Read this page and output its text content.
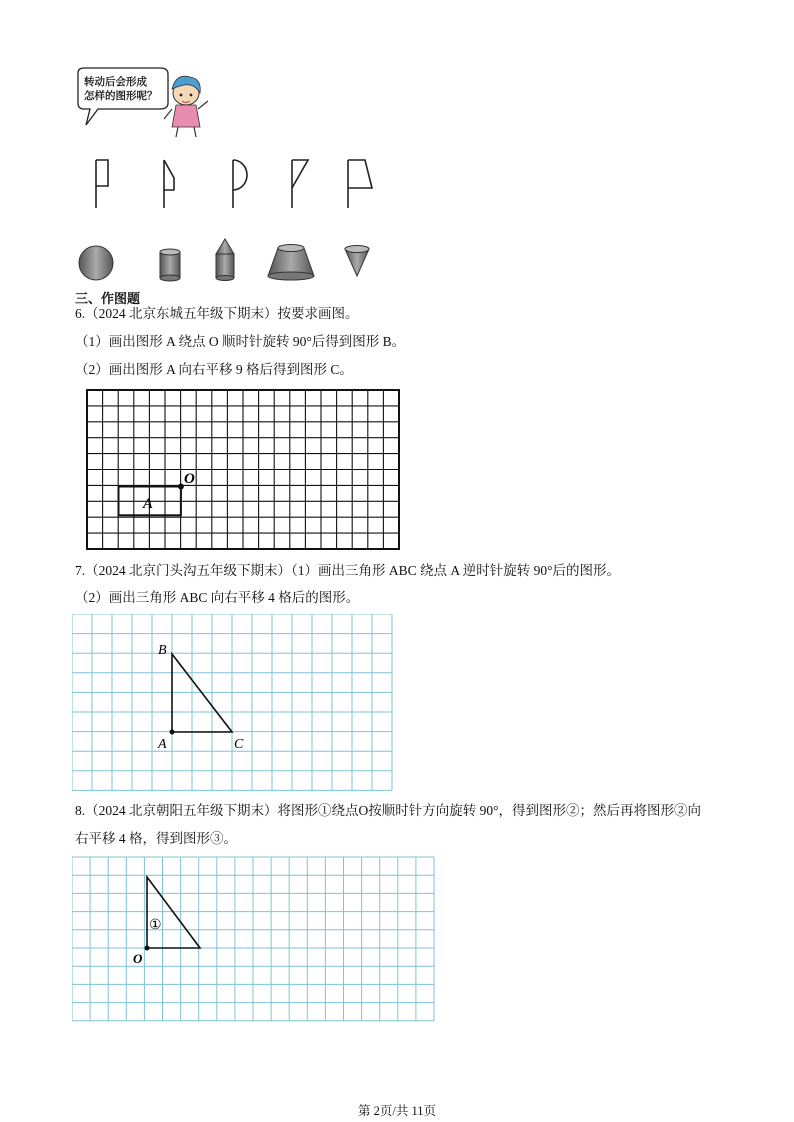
转动后会形成
怎样的图形呢？
三、作图题
6.（2024 北京东城五年级下期末）按要求画图。
（1）画出图形 A 绕点 O 顺时针旋转 90°后得到图形 B。
（2）画出图形 A 向右平移 9 格后得到图形 C。
A
O
7.（2024 北京门头沟五年级下期末）（1）画出三角形 ABC 绕点 A 逆时针旋转 90°后的图形。
（2）画出三角形 ABC 向右平移 4 格后的图形。
B
A	C
8.（2024 北京朝阳五年级下期末）将图形①绕点O按顺时针方向旋转 90°，得到图形②；然后再将图形②向
右平移 4 格，得到图形③。
①
O
第 2页/共 11页
